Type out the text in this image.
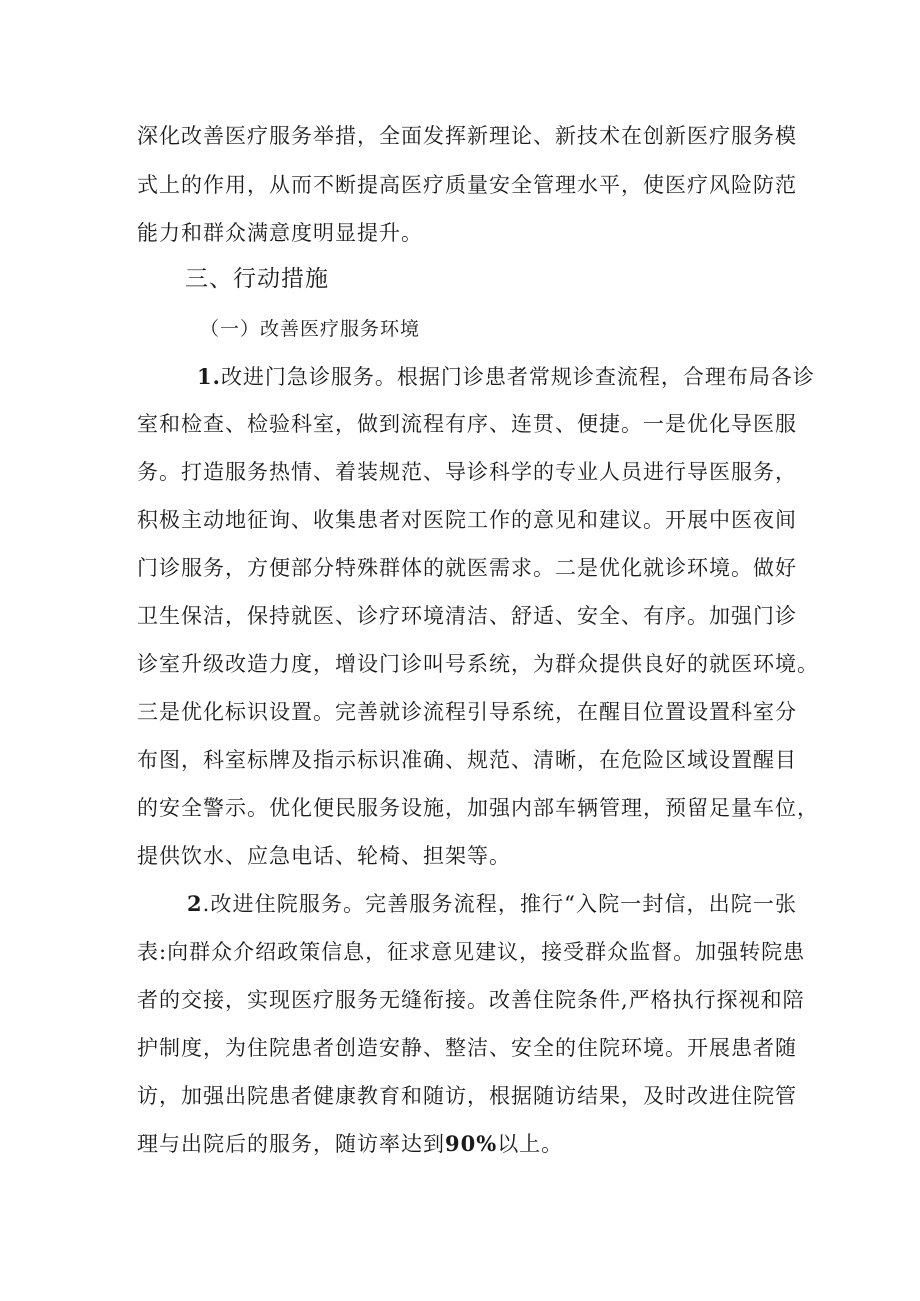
深化改善医疗服务举措，全面发挥新理论、新技术在创新医疗服务模
式上的作用，从而不断提高医疗质量安全管理水平，使医疗风险防范
能力和群众满意度明显提升。
三、行动措施
（一）改善医疗服务环境
1.改进门急诊服务。根据门诊患者常规诊查流程，合理布局各诊
室和检查、检验科室，做到流程有序、连贯、便捷。一是优化导医服
务。打造服务热情、着装规范、导诊科学的专业人员进行导医服务，
积极主动地征询、收集患者对医院工作的意见和建议。开展中医夜间
门诊服务，方便部分特殊群体的就医需求。二是优化就诊环境。做好
卫生保洁，保持就医、诊疗环境清洁、舒适、安全、有序。加强门诊
诊室升级改造力度，增设门诊叫号系统，为群众提供良好的就医环境。
三是优化标识设置。完善就诊流程引导系统，在醒目位置设置科室分
布图，科室标牌及指示标识准确、规范、清晰，在危险区域设置醒目
的安全警示。优化便民服务设施，加强内部车辆管理，预留足量车位，
提供饮水、应急电话、轮椅、担架等。
2.改进住院服务。完善服务流程，推行“入院一封信，出院一张
表:向群众介绍政策信息，征求意见建议，接受群众监督。加强转院患
者的交接，实现医疗服务无缝衔接。改善住院条件,严格执行探视和陪
护制度，为住院患者创造安静、整洁、安全的住院环境。开展患者随
访，加强出院患者健康教育和随访，根据随访结果，及时改进住院管
理与出院后的服务，随访率达到90%以上。
